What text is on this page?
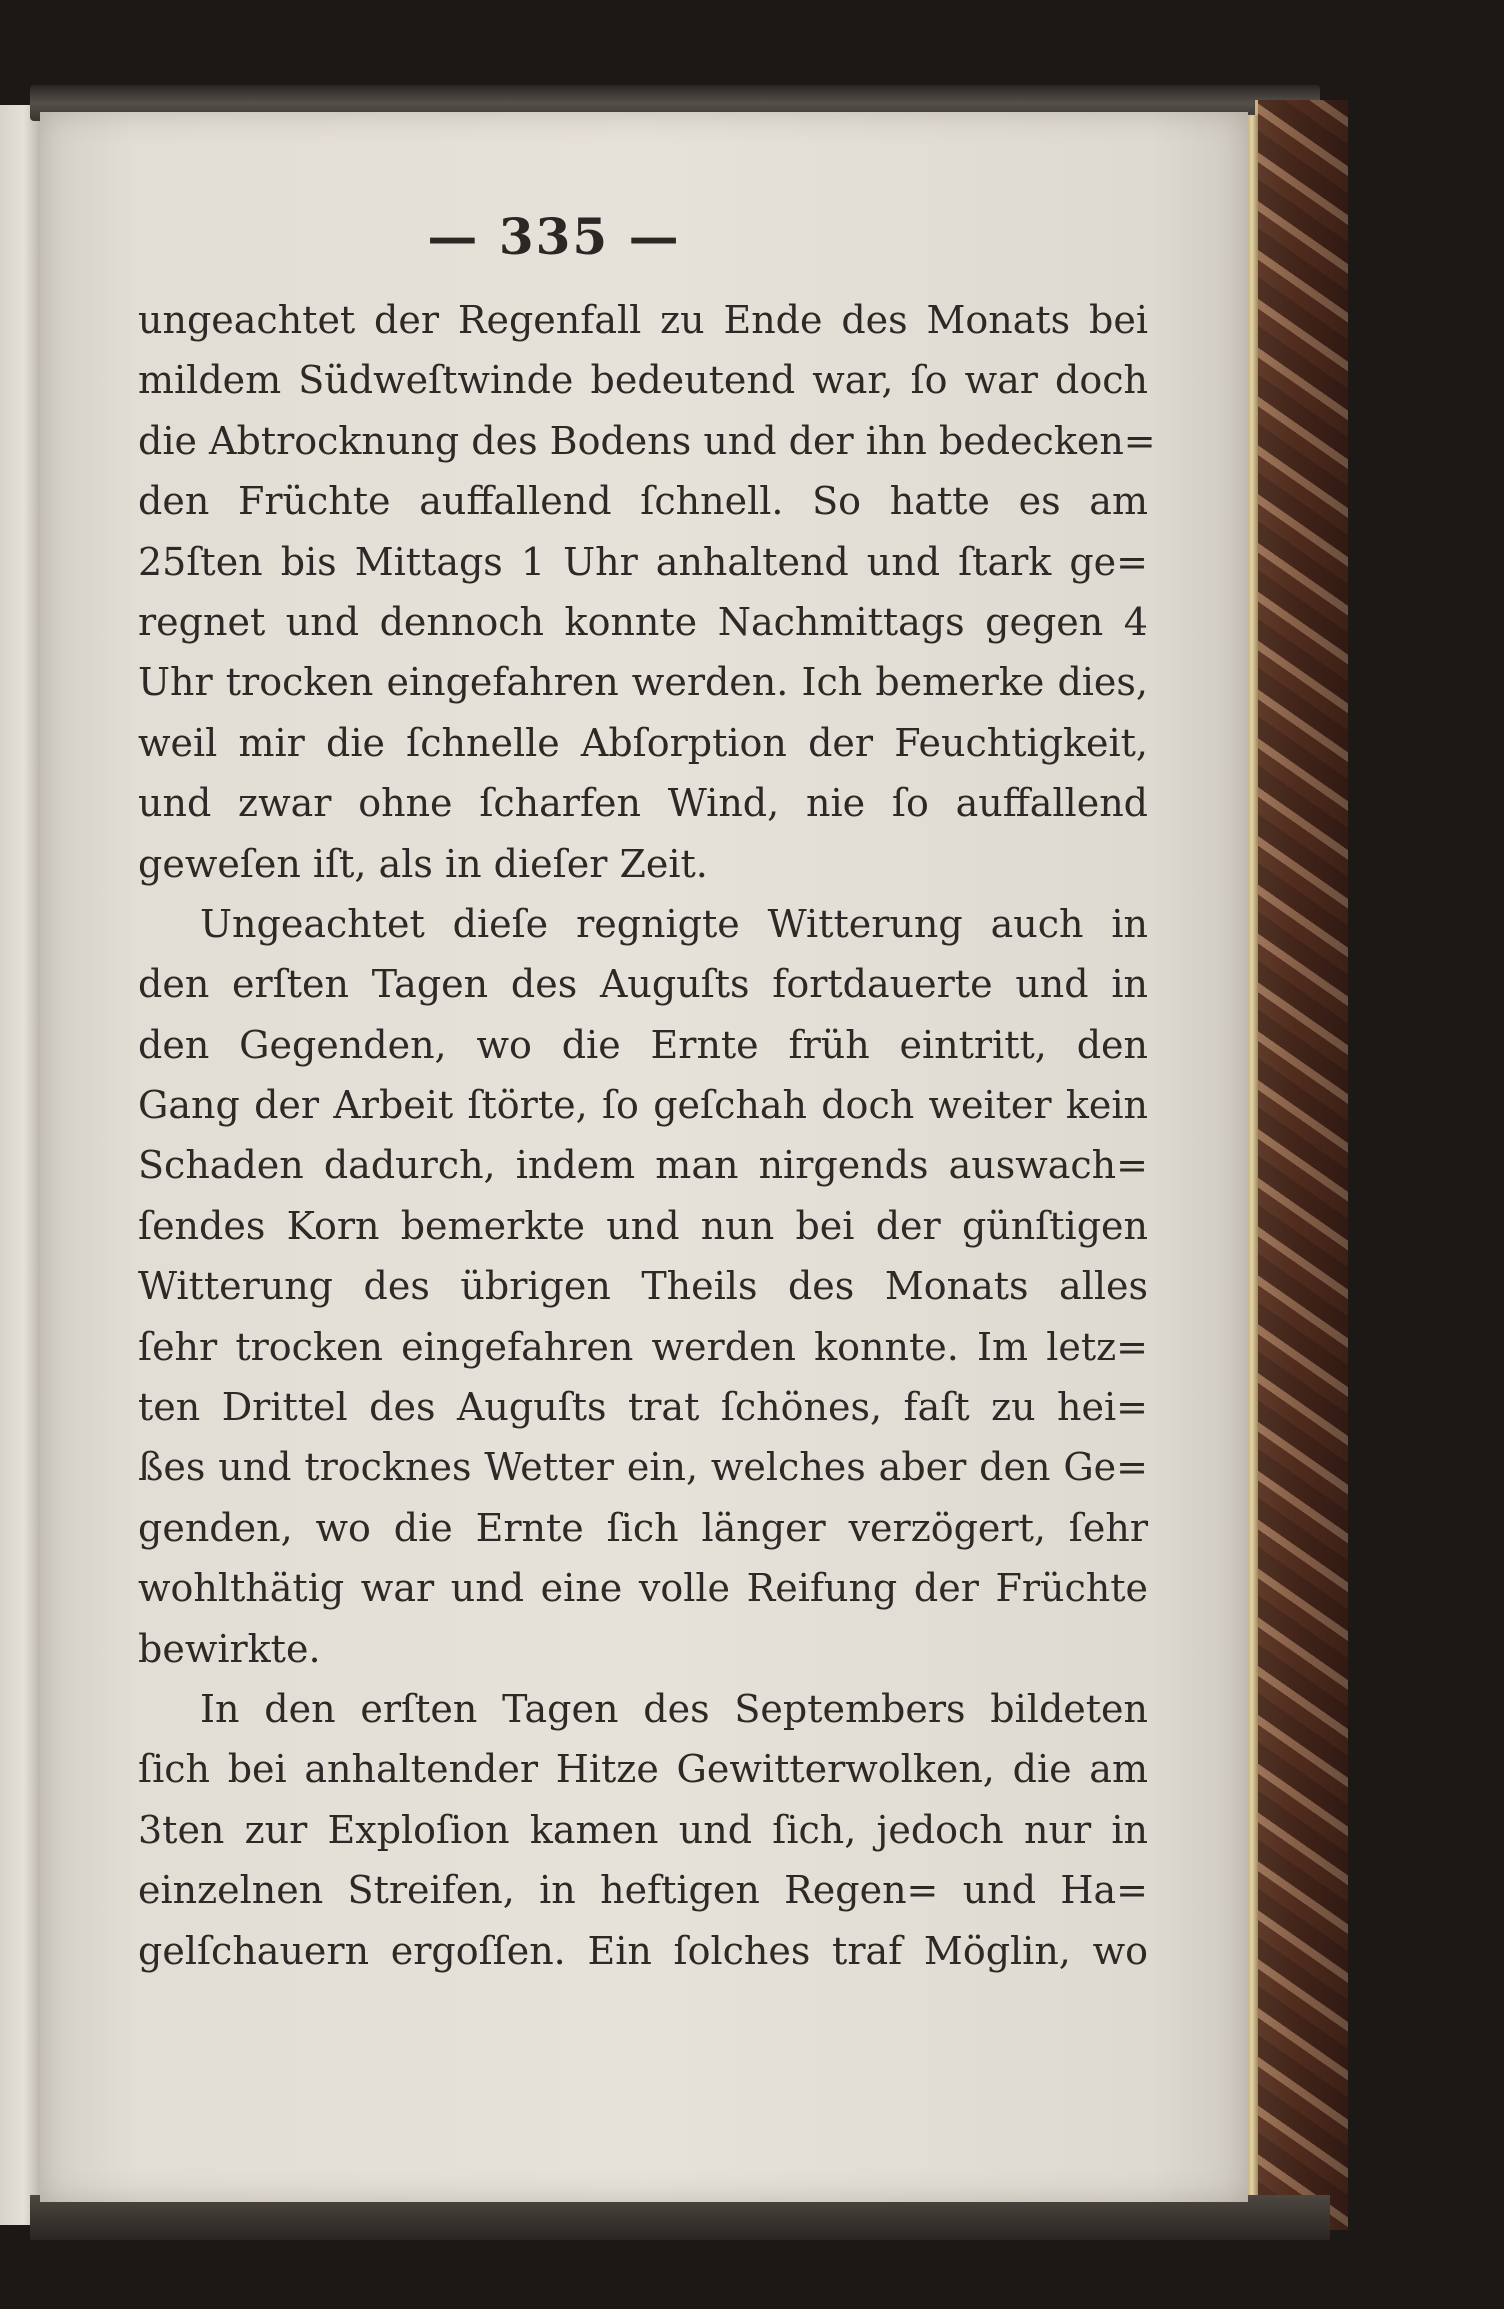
— 335 —
ungeachtet der Regenfall zu Ende des Monats bei
mildem Südweſtwinde bedeutend war, ſo war doch
die Abtrocknung des Bodens und der ihn bedecken=
den Früchte auffallend ſchnell. So hatte es am
25ſten bis Mittags 1 Uhr anhaltend und ſtark ge=
regnet und dennoch konnte Nachmittags gegen 4
Uhr trocken eingefahren werden. Ich bemerke dies,
weil mir die ſchnelle Abſorption der Feuchtigkeit,
und zwar ohne ſcharfen Wind, nie ſo auffallend
geweſen iſt, als in dieſer Zeit.
Ungeachtet dieſe regnigte Witterung auch in
den erſten Tagen des Auguſts fortdauerte und in
den Gegenden, wo die Ernte früh eintritt, den
Gang der Arbeit ſtörte, ſo geſchah doch weiter kein
Schaden dadurch, indem man nirgends auswach=
ſendes Korn bemerkte und nun bei der günſtigen
Witterung des übrigen Theils des Monats alles
ſehr trocken eingefahren werden konnte. Im letz=
ten Drittel des Auguſts trat ſchönes, faſt zu hei=
ßes und trocknes Wetter ein, welches aber den Ge=
genden, wo die Ernte ſich länger verzögert, ſehr
wohlthätig war und eine volle Reifung der Früchte
bewirkte.
In den erſten Tagen des Septembers bildeten
ſich bei anhaltender Hitze Gewitterwolken, die am
3ten zur Exploſion kamen und ſich, jedoch nur in
einzelnen Streifen, in heftigen Regen= und Ha=
gelſchauern ergoſſen. Ein ſolches traf Möglin, wo
